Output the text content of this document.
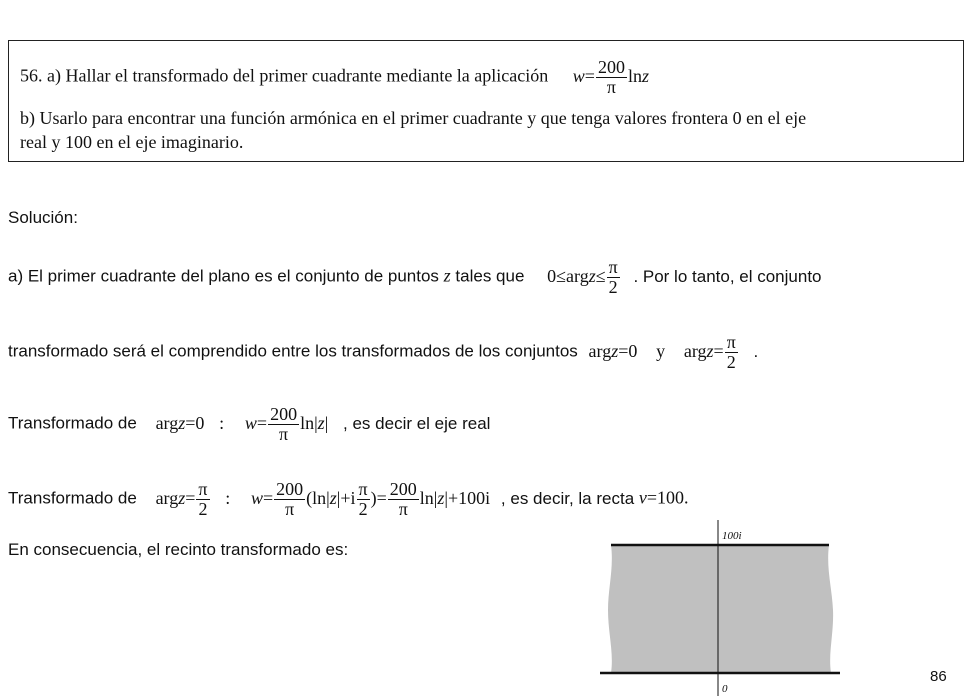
56. a) Hallar el transformado del primer cuadrante mediante la aplicación $w= \frac{200}{\pi}$ lnz
b) Usarlo para encontrar una función armónica en el primer cuadrante y que tenga valores frontera 0 en el eje
real y 100 en el eje imaginario.
Solución:
a) El primer cuadrante del plano es el conjunto de puntos z tales que 0≤argz≤ $\frac{\pi}{2}$ . Por lo tanto, el conjunto
transformado será el comprendido entre los transformados de los conjuntos argz=0 y argz= $\frac{\pi}{2}$ .
Transformado de argz=0 : $w= \frac{200}{\pi} \ln|z|$ , es decir el eje real
Transformado de argz= $\frac{\pi}{2}$ : $w= \frac{200}{\pi} (\ln|z|+i \frac{\pi}{2}$ )= $\frac{200}{\pi} \ln|z|+100i$ , es decir, la recta v=100.
En consecuencia, el recinto transformado es:
100i
0
86
